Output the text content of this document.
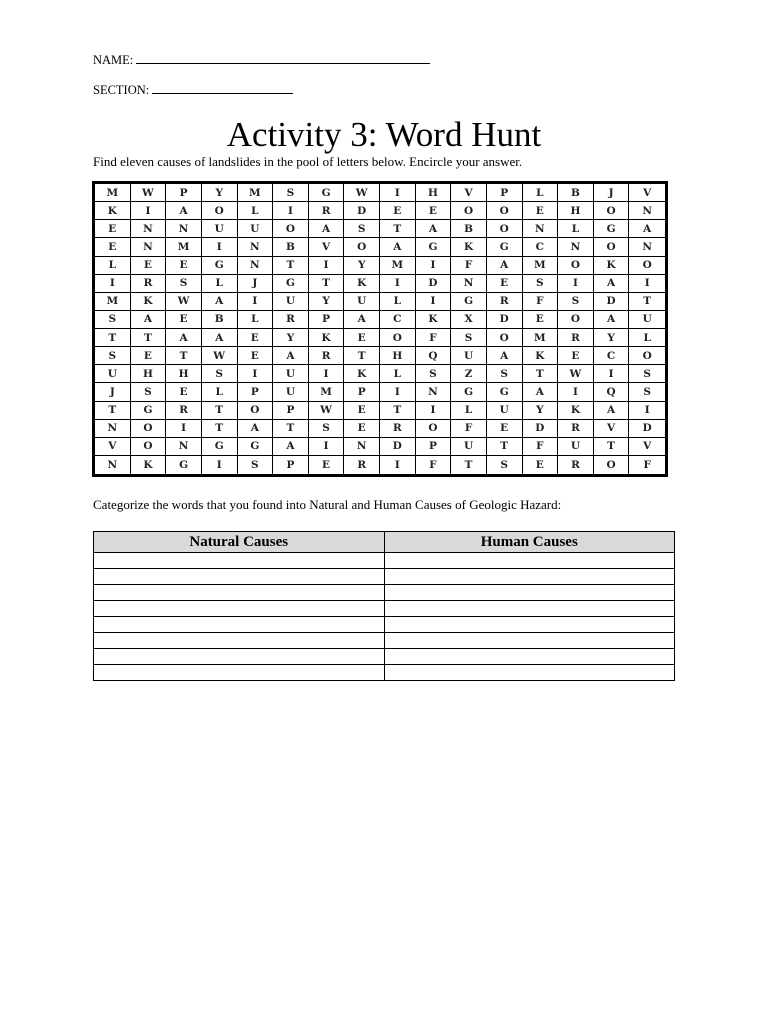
NAME:
SECTION:
Activity 3: Word Hunt
Find eleven causes of landslides in the pool of letters below. Encircle your answer.
M	W	P	Y	M	S	G	W	I	H	V	P	L	B	J	V
K	I	A	O	L	I	R	D	E	E	O	O	E	H	O	N
E	N	N	U	U	O	A	S	T	A	B	O	N	L	G	A
E	N	M	I	N	B	V	O	A	G	K	G	C	N	O	N
L	E	E	G	N	T	I	Y	M	I	F	A	M	O	K	O
I	R	S	L	J	G	T	K	I	D	N	E	S	I	A	I
M	K	W	A	I	U	Y	U	L	I	G	R	F	S	D	T
S	A	E	B	L	R	P	A	C	K	X	D	E	O	A	U
T	T	A	A	E	Y	K	E	O	F	S	O	M	R	Y	L
S	E	T	W	E	A	R	T	H	Q	U	A	K	E	C	O
U	H	H	S	I	U	I	K	L	S	Z	S	T	W	I	S
J	S	E	L	P	U	M	P	I	N	G	G	A	I	Q	S
T	G	R	T	O	P	W	E	T	I	L	U	Y	K	A	I
N	O	I	T	A	T	S	E	R	O	F	E	D	R	V	D
V	O	N	G	G	A	I	N	D	P	U	T	F	U	T	V
N	K	G	I	S	P	E	R	I	F	T	S	E	R	O	F
Categorize the words that you found into Natural and Human Causes of Geologic Hazard:
Natural Causes	Human Causes
